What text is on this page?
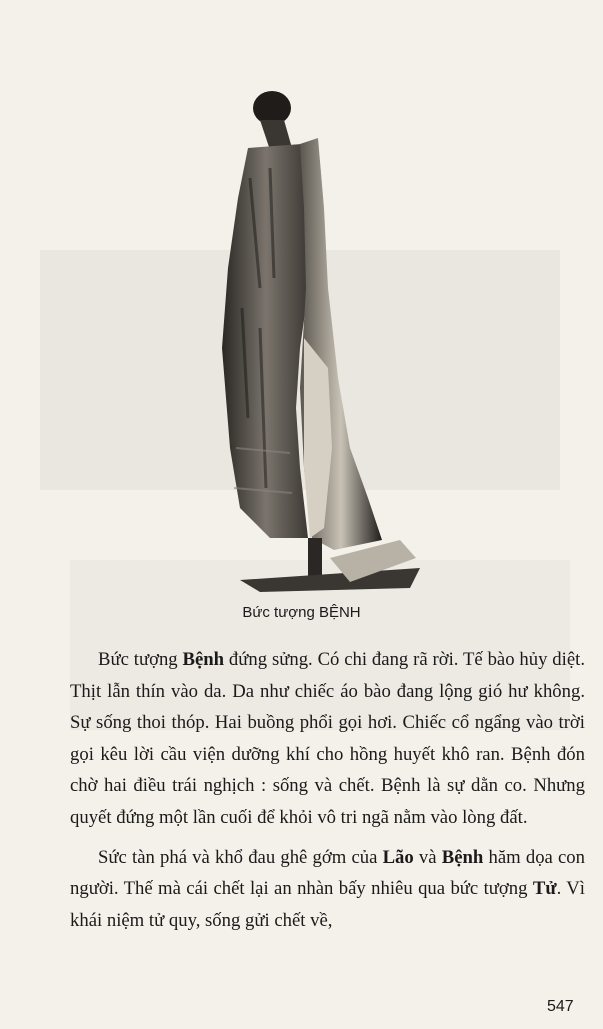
Bức tượng BỆNH

Bức tượng Bệnh đứng sửng. Có chi đang rã rời. Tế bào hủy diệt. Thịt lẫn thín vào da. Da như chiếc áo bào đang lộng gió hư không. Sự sống thoi thóp. Hai buồng phổi gọi hơi. Chiếc cổ ngẩng vào trời gọi kêu lời cầu viện dưỡng khí cho hồng huyết khô ran. Bệnh đón chờ hai điều trái nghịch : sống và chết. Bệnh là sự dằn co. Nhưng quyết đứng một lần cuối để khỏi vô tri ngã nằm vào lòng đất.

Sức tàn phá và khổ đau ghê gớm của Lão và Bệnh hăm dọa con người. Thế mà cái chết lại an nhàn bấy nhiêu qua bức tượng Tử. Vì khái niệm tử quy, sống gửi chết về,

547
